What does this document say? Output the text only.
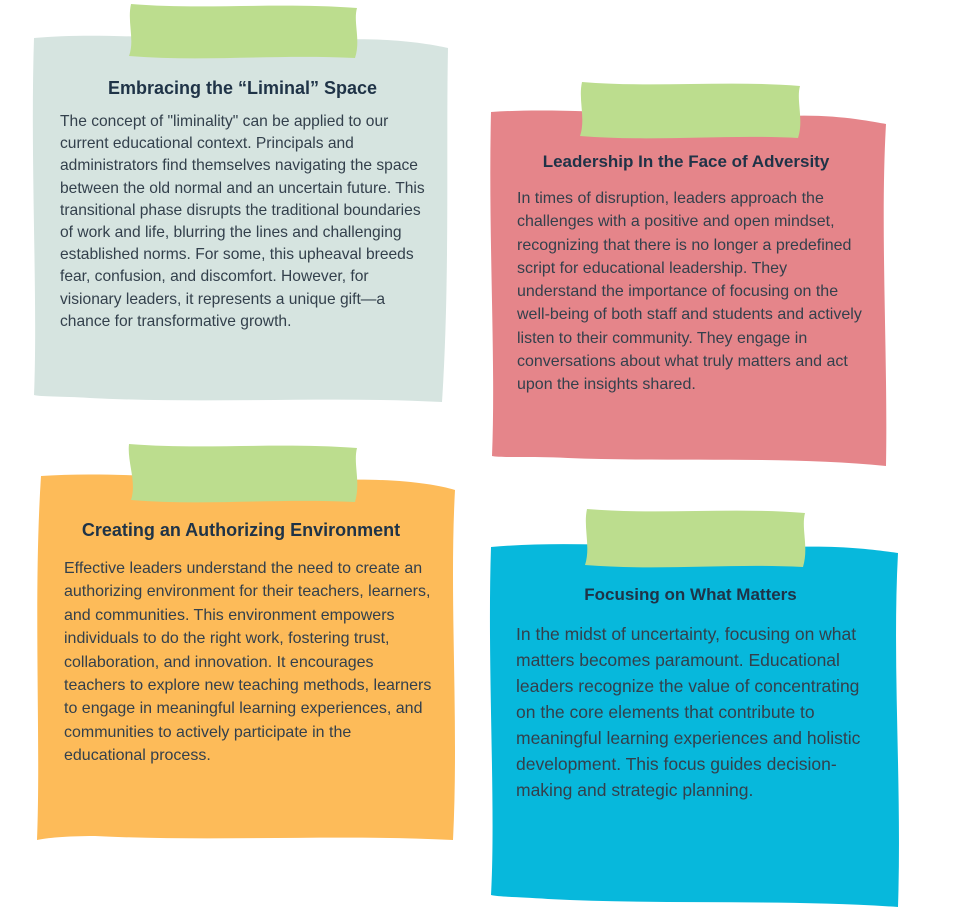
Embracing the “Liminal” Space

The concept of "liminality" can be applied to our current educational context. Principals and administrators find themselves navigating the space between the old normal and an uncertain future. This transitional phase disrupts the traditional boundaries of work and life, blurring the lines and challenging established norms. For some, this upheaval breeds fear, confusion, and discomfort. However, for visionary leaders, it represents a unique gift—a chance for transformative growth.

Leadership In the Face of Adversity

In times of disruption, leaders approach the challenges with a positive and open mindset, recognizing that there is no longer a predefined script for educational leadership. They understand the importance of focusing on the well-being of both staff and students and actively listen to their community. They engage in conversations about what truly matters and act upon the insights shared.

Creating an Authorizing Environment

Effective leaders understand the need to create an authorizing environment for their teachers, learners, and communities. This environment empowers individuals to do the right work, fostering trust, collaboration, and innovation. It encourages teachers to explore new teaching methods, learners to engage in meaningful learning experiences, and communities to actively participate in the educational process.

Focusing on What Matters

In the midst of uncertainty, focusing on what matters becomes paramount. Educational leaders recognize the value of concentrating on the core elements that contribute to meaningful learning experiences and holistic development. This focus guides decision-making and strategic planning.
